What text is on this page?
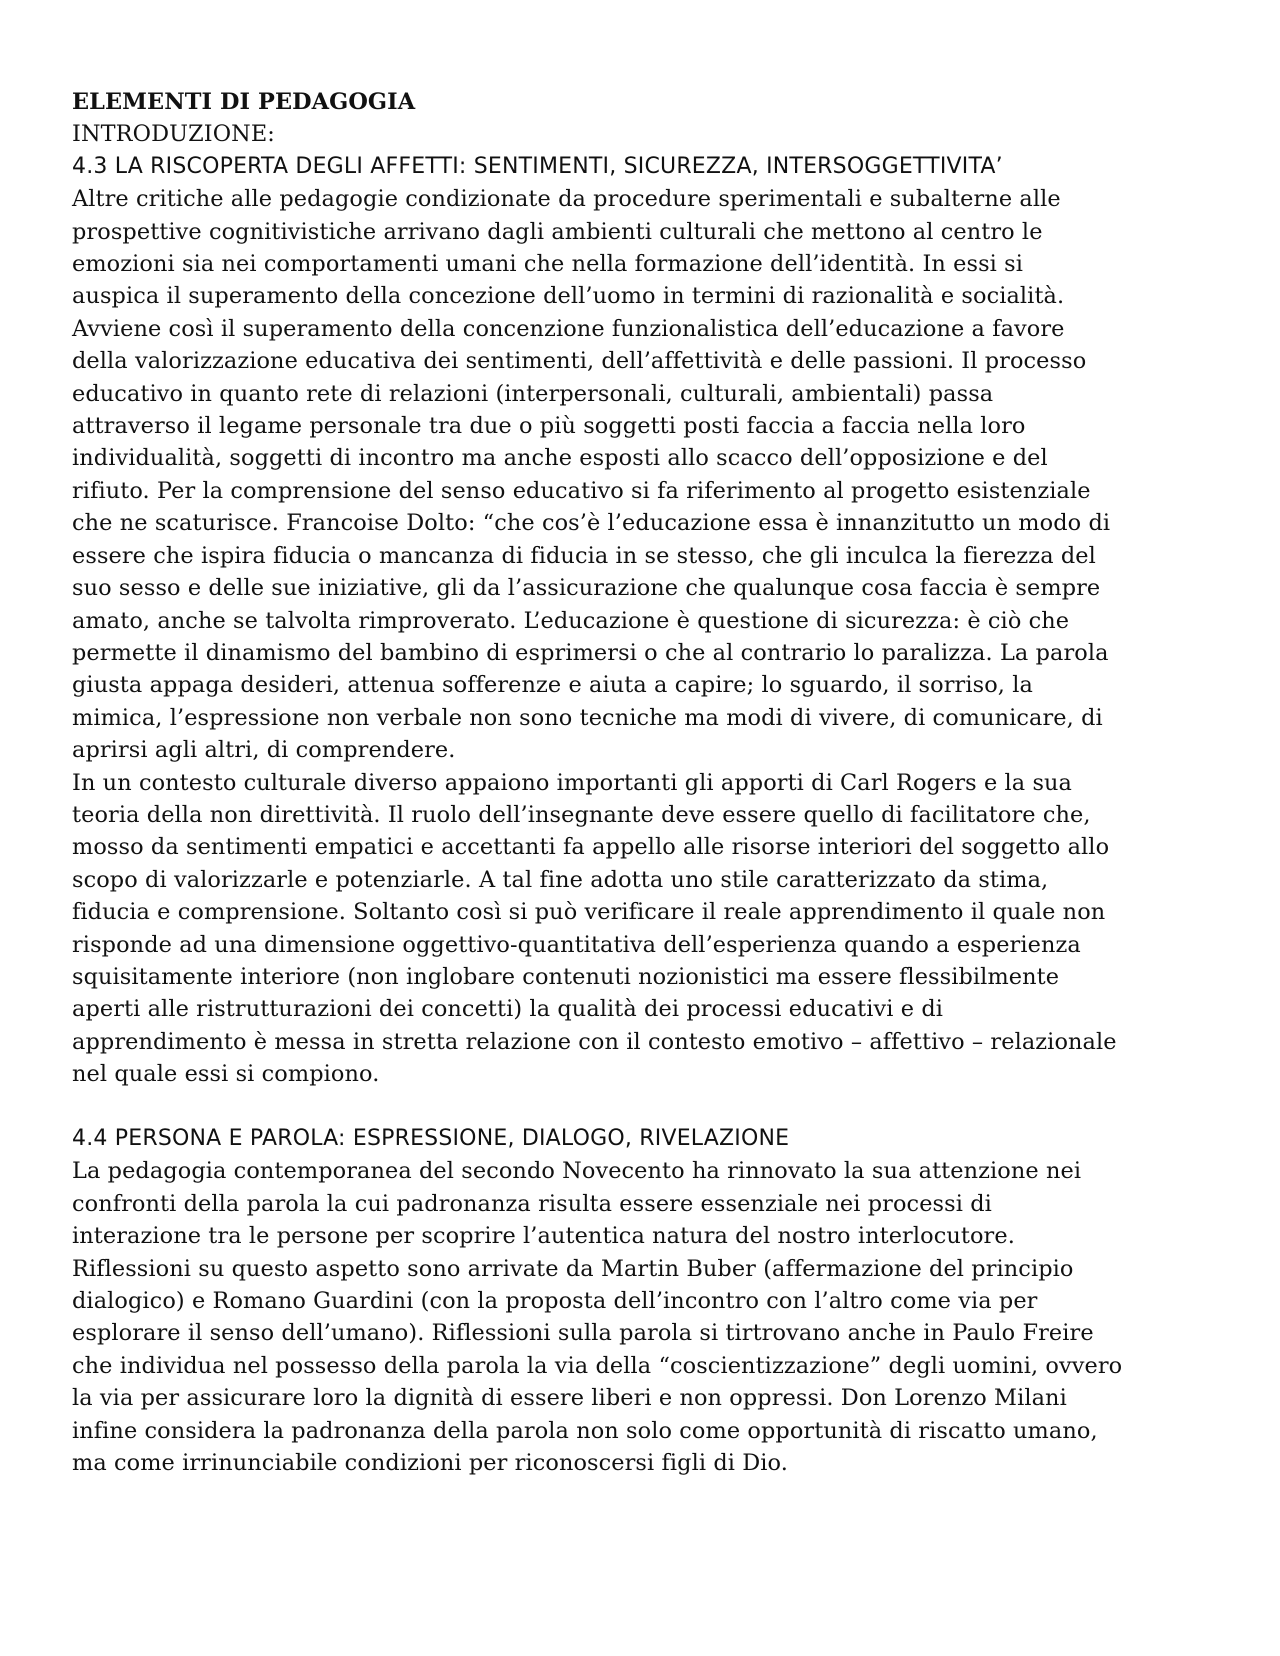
ELEMENTI DI PEDAGOGIA
INTRODUZIONE:
4.3 LA RISCOPERTA DEGLI AFFETTI: SENTIMENTI, SICUREZZA, INTERSOGGETTIVITA’
Altre critiche alle pedagogie condizionate da procedure sperimentali e subalterne alle
prospettive cognitivistiche arrivano dagli ambienti culturali che mettono al centro le
emozioni sia nei comportamenti umani che nella formazione dell’identità. In essi si
auspica il superamento della concezione dell’uomo in termini di razionalità e socialità.
Avviene così il superamento della concenzione funzionalistica dell’educazione a favore
della valorizzazione educativa dei sentimenti, dell’affettività e delle passioni. Il processo
educativo in quanto rete di relazioni (interpersonali, culturali, ambientali) passa
attraverso il legame personale tra due o più soggetti posti faccia a faccia nella loro
individualità, soggetti di incontro ma anche esposti allo scacco dell’opposizione e del
rifiuto. Per la comprensione del senso educativo si fa riferimento al progetto esistenziale
che ne scaturisce. Francoise Dolto: “che cos’è l’educazione essa è innanzitutto un modo di
essere che ispira fiducia o mancanza di fiducia in se stesso, che gli inculca la fierezza del
suo sesso e delle sue iniziative, gli da l’assicurazione che qualunque cosa faccia è sempre
amato, anche se talvolta rimproverato. L’educazione è questione di sicurezza: è ciò che
permette il dinamismo del bambino di esprimersi o che al contrario lo paralizza. La parola
giusta appaga desideri, attenua sofferenze e aiuta a capire; lo sguardo, il sorriso, la
mimica, l’espressione non verbale non sono tecniche ma modi di vivere, di comunicare, di
aprirsi agli altri, di comprendere.
In un contesto culturale diverso appaiono importanti gli apporti di Carl Rogers e la sua
teoria della non direttività. Il ruolo dell’insegnante deve essere quello di facilitatore che,
mosso da sentimenti empatici e accettanti fa appello alle risorse interiori del soggetto allo
scopo di valorizzarle e potenziarle. A tal fine adotta uno stile caratterizzato da stima,
fiducia e comprensione. Soltanto così si può verificare il reale apprendimento il quale non
risponde ad una dimensione oggettivo-quantitativa dell’esperienza quando a esperienza
squisitamente interiore (non inglobare contenuti nozionistici ma essere flessibilmente
aperti alle ristrutturazioni dei concetti) la qualità dei processi educativi e di
apprendimento è messa in stretta relazione con il contesto emotivo – affettivo – relazionale
nel quale essi si compiono.
4.4 PERSONA E PAROLA: ESPRESSIONE, DIALOGO, RIVELAZIONE
La pedagogia contemporanea del secondo Novecento ha rinnovato la sua attenzione nei
confronti della parola la cui padronanza risulta essere essenziale nei processi di
interazione tra le persone per scoprire l’autentica natura del nostro interlocutore.
Riflessioni su questo aspetto sono arrivate da Martin Buber (affermazione del principio
dialogico) e Romano Guardini (con la proposta dell’incontro con l’altro come via per
esplorare il senso dell’umano). Riflessioni sulla parola si tirtrovano anche in Paulo Freire
che individua nel possesso della parola la via della “coscientizzazione” degli uomini, ovvero
la via per assicurare loro la dignità di essere liberi e non oppressi. Don Lorenzo Milani
infine considera la padronanza della parola non solo come opportunità di riscatto umano,
ma come irrinunciabile condizioni per riconoscersi figli di Dio.
